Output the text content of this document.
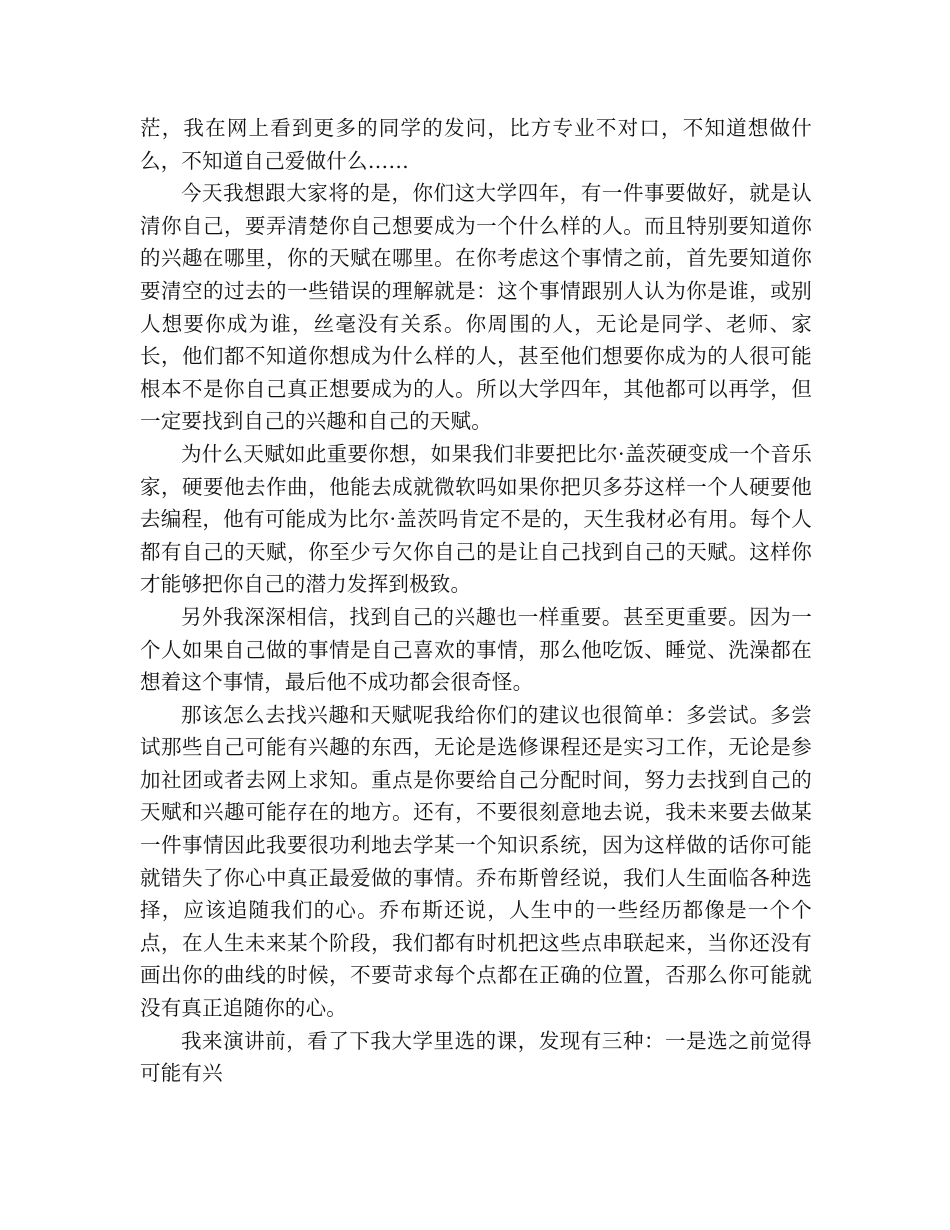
茫，我在网上看到更多的同学的发问，比方专业不对口，不知道想做什么，不知道自己爱做什么……

今天我想跟大家将的是，你们这大学四年，有一件事要做好，就是认清你自己，要弄清楚你自己想要成为一个什么样的人。而且特别要知道你的兴趣在哪里，你的天赋在哪里。在你考虑这个事情之前，首先要知道你要清空的过去的一些错误的理解就是：这个事情跟别人认为你是谁，或别人想要你成为谁，丝毫没有关系。你周围的人，无论是同学、老师、家长，他们都不知道你想成为什么样的人，甚至他们想要你成为的人很可能根本不是你自己真正想要成为的人。所以大学四年，其他都可以再学，但一定要找到自己的兴趣和自己的天赋。

为什么天赋如此重要你想，如果我们非要把比尔·盖茨硬变成一个音乐家，硬要他去作曲，他能去成就微软吗如果你把贝多芬这样一个人硬要他去编程，他有可能成为比尔·盖茨吗肯定不是的，天生我材必有用。每个人都有自己的天赋，你至少亏欠你自己的是让自己找到自己的天赋。这样你才能够把你自己的潜力发挥到极致。

另外我深深相信，找到自己的兴趣也一样重要。甚至更重要。因为一个人如果自己做的事情是自己喜欢的事情，那么他吃饭、睡觉、洗澡都在想着这个事情，最后他不成功都会很奇怪。

那该怎么去找兴趣和天赋呢我给你们的建议也很简单：多尝试。多尝试那些自己可能有兴趣的东西，无论是选修课程还是实习工作，无论是参加社团或者去网上求知。重点是你要给自己分配时间，努力去找到自己的天赋和兴趣可能存在的地方。还有，不要很刻意地去说，我未来要去做某一件事情因此我要很功利地去学某一个知识系统，因为这样做的话你可能就错失了你心中真正最爱做的事情。乔布斯曾经说，我们人生面临各种选择，应该追随我们的心。乔布斯还说，人生中的一些经历都像是一个个点，在人生未来某个阶段，我们都有时机把这些点串联起来，当你还没有画出你的曲线的时候，不要苛求每个点都在正确的位置，否那么你可能就没有真正追随你的心。

我来演讲前，看了下我大学里选的课，发现有三种：一是选之前觉得可能有兴
